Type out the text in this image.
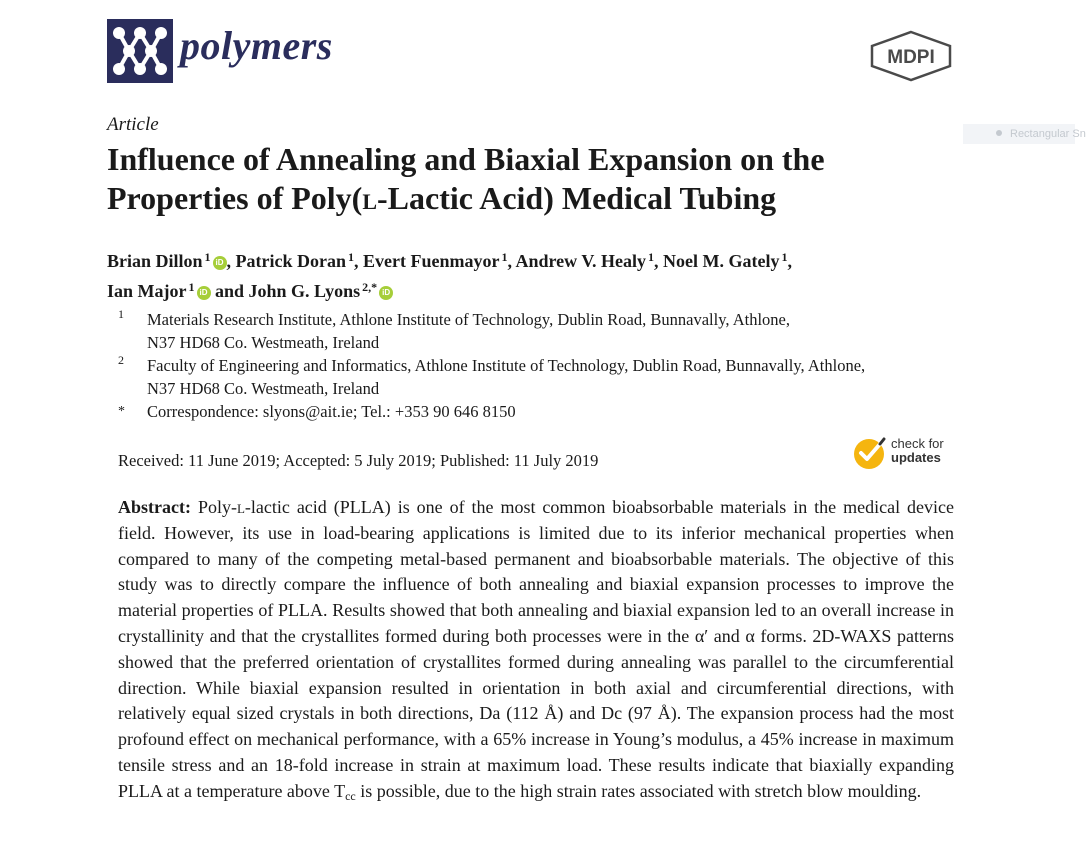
polymers	MDPI
Rectangular Sn
Article
Influence of Annealing and Biaxial Expansion on the Properties of Poly(l-Lactic Acid) Medical Tubing
Brian Dillon $^1$ iD , Patrick Doran $^1$, Evert Fuenmayor $^1$, Andrew V. Healy $^1$, Noel M. Gately $^1$,
Ian Major $^1$ iD and John G. Lyons $^{2,*}$ iD
1 Materials Research Institute, Athlone Institute of Technology, Dublin Road, Bunnavally, Athlone,
N37 HD68 Co. Westmeath, Ireland
2 Faculty of Engineering and Informatics, Athlone Institute of Technology, Dublin Road, Bunnavally, Athlone,
N37 HD68 Co. Westmeath, Ireland
* Correspondence: slyons@ait.ie; Tel.: +353 90 646 8150
Received: 11 June 2019; Accepted: 5 July 2019; Published: 11 July 2019
check for
updates
Abstract: Poly-l-lactic acid (PLLA) is one of the most common bioabsorbable materials in the medical device field. However, its use in load-bearing applications is limited due to its inferior mechanical properties when compared to many of the competing metal-based permanent and bioabsorbable materials. The objective of this study was to directly compare the influence of both annealing and biaxial expansion processes to improve the material properties of PLLA. Results showed that both annealing and biaxial expansion led to an overall increase in crystallinity and that the crystallites formed during both processes were in the α′ and α forms. 2D-WAXS patterns showed that the preferred orientation of crystallites formed during annealing was parallel to the circumferential direction. While biaxial expansion resulted in orientation in both axial and circumferential directions, with relatively equal sized crystals in both directions, Da (112 Å) and Dc (97 Å). The expansion process had the most profound effect on mechanical performance, with a 65% increase in Young’s modulus, a 45% increase in maximum tensile stress and an 18-fold increase in strain at maximum load. These results indicate that biaxially expanding PLLA at a temperature above $T_{cc}$ is possible, due to the high strain rates associated with stretch blow moulding.
